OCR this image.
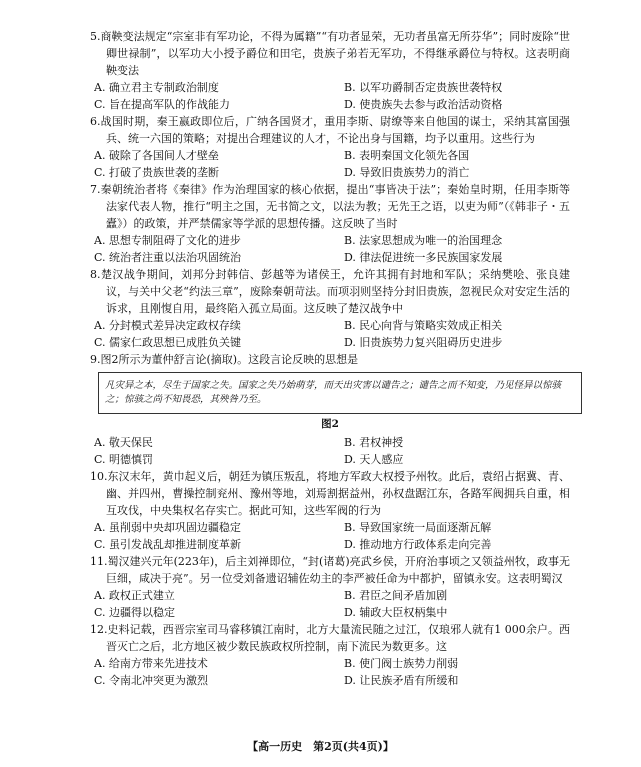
5.商鞅变法规定“宗室非有军功论，不得为属籍”“有功者显荣，无功者虽富无所芬华”；同时废除“世卿世禄制”，以军功大小授予爵位和田宅，贵族子弟若无军功，不得继承爵位与特权。这表明商鞅变法

A. 确立君主专制政治制度	B. 以军功爵制否定贵族世袭特权
C. 旨在提高军队的作战能力	D. 使贵族失去参与政治活动资格

6.战国时期，秦王嬴政即位后，广纳各国贤才，重用李斯、尉缭等来自他国的谋士，采纳其富国强兵、统一六国的策略；对提出合理建议的人才，不论出身与国籍，均予以重用。这些行为

A. 破除了各国间人才壁垒	B. 表明秦国文化领先各国
C. 打破了贵族世袭的垄断	D. 导致旧贵族势力的消亡

7.秦朝统治者将《秦律》作为治理国家的核心依据，提出“事皆决于法”；秦始皇时期，任用李斯等法家代表人物，推行“明主之国，无书简之文，以法为教；无先王之语，以吏为师”（《韩非子・五蠹》）的政策，并严禁儒家等学派的思想传播。这反映了当时

A. 思想专制阻碍了文化的进步	B. 法家思想成为唯一的治国理念
C. 统治者注重以法治巩固统治	D. 律法促进统一多民族国家发展

8.楚汉战争期间，刘邦分封韩信、彭越等为诸侯王，允许其拥有封地和军队；采纳樊哙、张良建议，与关中父老“约法三章”，废除秦朝苛法。而项羽则坚持分封旧贵族，忽视民众对安定生活的诉求，且刚愎自用，最终陷入孤立局面。这反映了楚汉战争中

A. 分封模式差异决定政权存续	B. 民心向背与策略实效成正相关
C. 儒家仁政思想已成胜负关键	D. 旧贵族势力复兴阻碍历史进步

9.图2所示为董仲舒言论(摘取)。这段言论反映的思想是

凡灾异之本，尽生于国家之失。国家之失乃始萌芽，而天出灾害以谴告之；谴告之而不知变，乃见怪异以惊骇之；惊骇之尚不知畏恐，其殃咎乃至。
图2
A. 敬天保民	B. 君权神授
C. 明德慎罚	D. 天人感应

10.东汉末年，黄巾起义后，朝廷为镇压叛乱，将地方军政大权授予州牧。此后，袁绍占据冀、青、幽、并四州，曹操控制兖州、豫州等地，刘焉割据益州，孙权盘踞江东，各路军阀拥兵自重，相互攻伐，中央集权名存实亡。据此可知，这些军阀的行为

A. 虽削弱中央却巩固边疆稳定	B. 导致国家统一局面逐渐瓦解
C. 虽引发战乱却推进制度革新	D. 推动地方行政体系走向完善

11.蜀汉建兴元年(223年)，后主刘禅即位，“封(诸葛)亮武乡侯，开府治事顷之又领益州牧，政事无巨细，咸决于亮”。另一位受刘备遗诏辅佐幼主的李严被任命为中都护，留镇永安。这表明蜀汉

A. 政权正式建立	B. 君臣之间矛盾加剧
C. 边疆得以稳定	D. 辅政大臣权柄集中

12.史料记载，西晋宗室司马睿移镇江南时，北方大量流民随之过江，仅琅邪人就有1 000余户。西晋灭亡之后，北方地区被少数民族政权所控制，南下流民为数更多。这

A. 给南方带来先进技术	B. 使门阀士族势力削弱
C. 令南北冲突更为激烈	D. 让民族矛盾有所缓和
【高一历史　第2页(共4页)】
